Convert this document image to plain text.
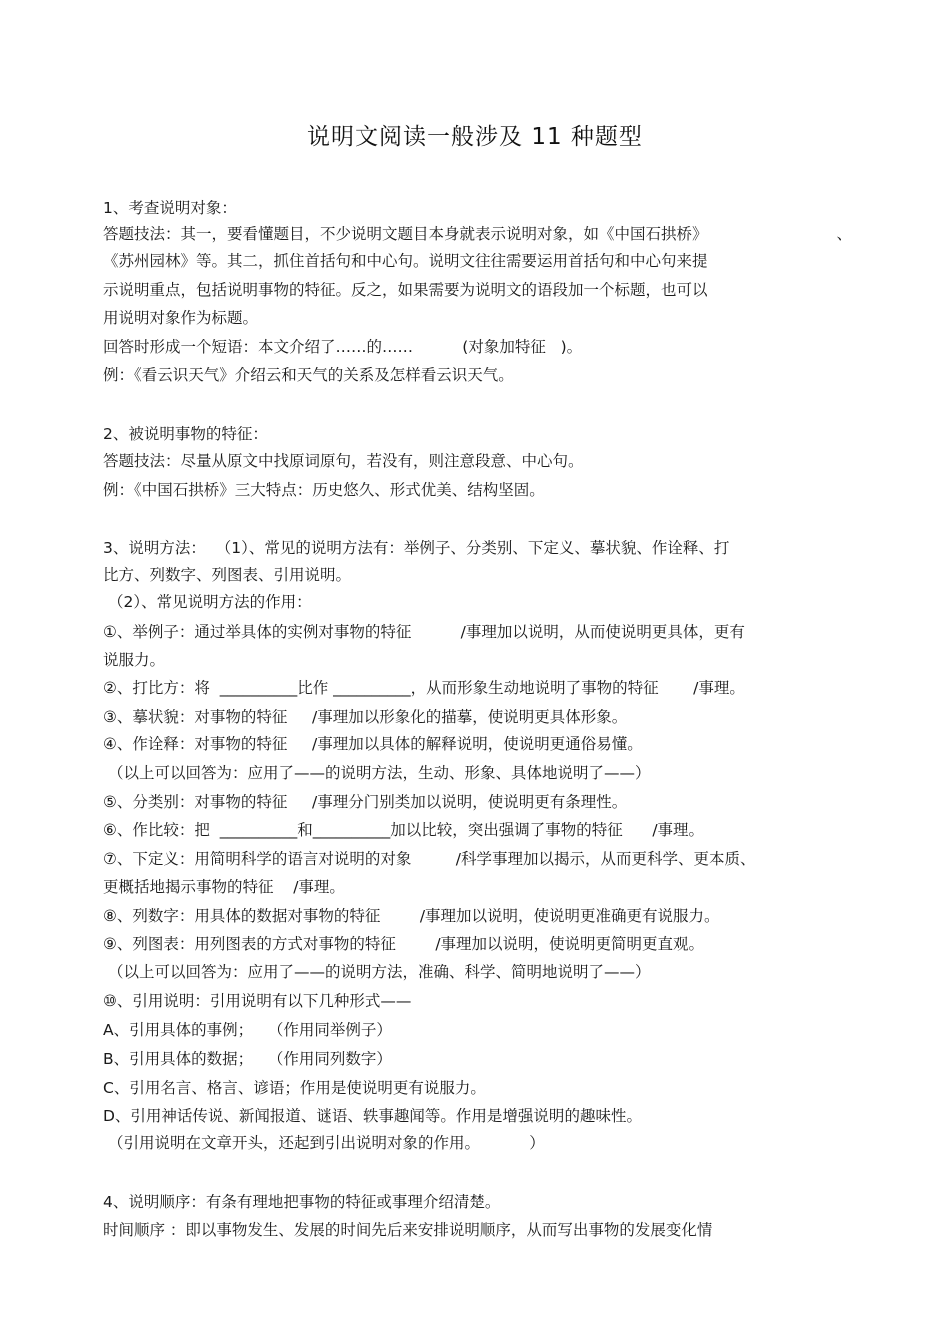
说明文阅读一般涉及 11 种题型
1、考查说明对象：
答题技法：其一，要看懂题目，不少说明文题目本身就表示说明对象，如《中国石拱桥》	、
《苏州园林》等。其二，抓住首括句和中心句。说明文往往需要运用首括句和中心句来提
示说明重点，包括说明事物的特征。反之，如果需要为说明文的语段加一个标题，也可以
用说明对象作为标题。
回答时形成一个短语：本文介绍了……的……          (对象加特征   )。
例：《看云识天气》介绍云和天气的关系及怎样看云识天气。
2、被说明事物的特征：
答题技法：尽量从原文中找原词原句，若没有，则注意段意、中心句。
例：《中国石拱桥》三大特点：历史悠久、形式优美、结构坚固。
3、说明方法：  （1）、常见的说明方法有：举例子、分类别、下定义、摹状貌、作诠释、打
比方、列数字、列图表、引用说明。
（2）、常见说明方法的作用：
①、举例子：通过举具体的实例对事物的特征          /事理加以说明，从而使说明更具体，更有
说服力。
②、打比方：将  __________比作 __________，从而形象生动地说明了事物的特征       /事理。
③、摹状貌：对事物的特征     /事理加以形象化的描摹，使说明更具体形象。
④、作诠释：对事物的特征     /事理加以具体的解释说明，使说明更通俗易懂。
（以上可以回答为：应用了——的说明方法，生动、形象、具体地说明了——）
⑤、分类别：对事物的特征     /事理分门别类加以说明，使说明更有条理性。
⑥、作比较：把  __________和__________加以比较，突出强调了事物的特征      /事理。
⑦、下定义：用简明科学的语言对说明的对象         /科学事理加以揭示，从而更科学、更本质、
更概括地揭示事物的特征    /事理。
⑧、列数字：用具体的数据对事物的特征        /事理加以说明，使说明更准确更有说服力。
⑨、列图表：用列图表的方式对事物的特征        /事理加以说明，使说明更简明更直观。
（以上可以回答为：应用了——的说明方法，准确、科学、简明地说明了——）
⑩、引用说明：引用说明有以下几种形式——
A、引用具体的事例；   （作用同举例子）
B、引用具体的数据；   （作用同列数字）
C、引用名言、格言、谚语；作用是使说明更有说服力。
D、引用神话传说、新闻报道、谜语、轶事趣闻等。作用是增强说明的趣味性。
（引用说明在文章开头，还起到引出说明对象的作用。          ）
4、说明顺序：有条有理地把事物的特征或事理介绍清楚。
时间顺序 ：即以事物发生、发展的时间先后来安排说明顺序，从而写出事物的发展变化情
